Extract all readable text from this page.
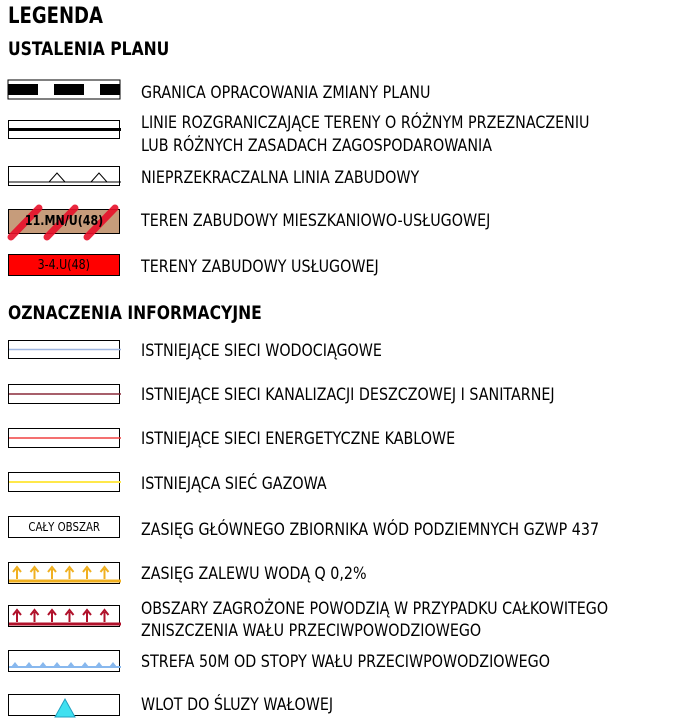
LEGENDA
USTALENIA PLANU
GRANICA OPRACOWANIA ZMIANY PLANU
LINIE ROZGRANICZAJĄCE TERENY O RÓŻNYM PRZEZNACZENIU
LUB RÓŻNYCH ZASADACH ZAGOSPODAROWANIA
NIEPRZEKRACZALNA LINIA ZABUDOWY
11.MN/U(48) TEREN ZABUDOWY MIESZKANIOWO-USŁUGOWEJ
3-4.U(48)	TERENY ZABUDOWY USŁUGOWEJ
OZNACZENIA INFORMACYJNE
ISTNIEJĄCE SIECI WODOCIĄGOWE
ISTNIEJĄCE SIECI KANALIZACJI DESZCZOWEJ I SANITARNEJ
ISTNIEJĄCE SIECI ENERGETYCZNE KABLOWE
ISTNIEJĄCA SIEĆ GAZOWA
CAŁY OBSZAR ZASIĘG GŁÓWNEGO ZBIORNIKA WÓD PODZIEMNYCH GZWP 437
ZASIĘG ZALEWU WODĄ Q 0,2%
OBSZARY ZAGROŻONE POWODZIĄ W PRZYPADKU CAŁKOWITEGO
ZNISZCZENIA WAŁU PRZECIWPOWODZIOWEGO
STREFA 50M OD STOPY WAŁU PRZECIWPOWODZIOWEGO
WLOT DO ŚLUZY WAŁOWEJ
